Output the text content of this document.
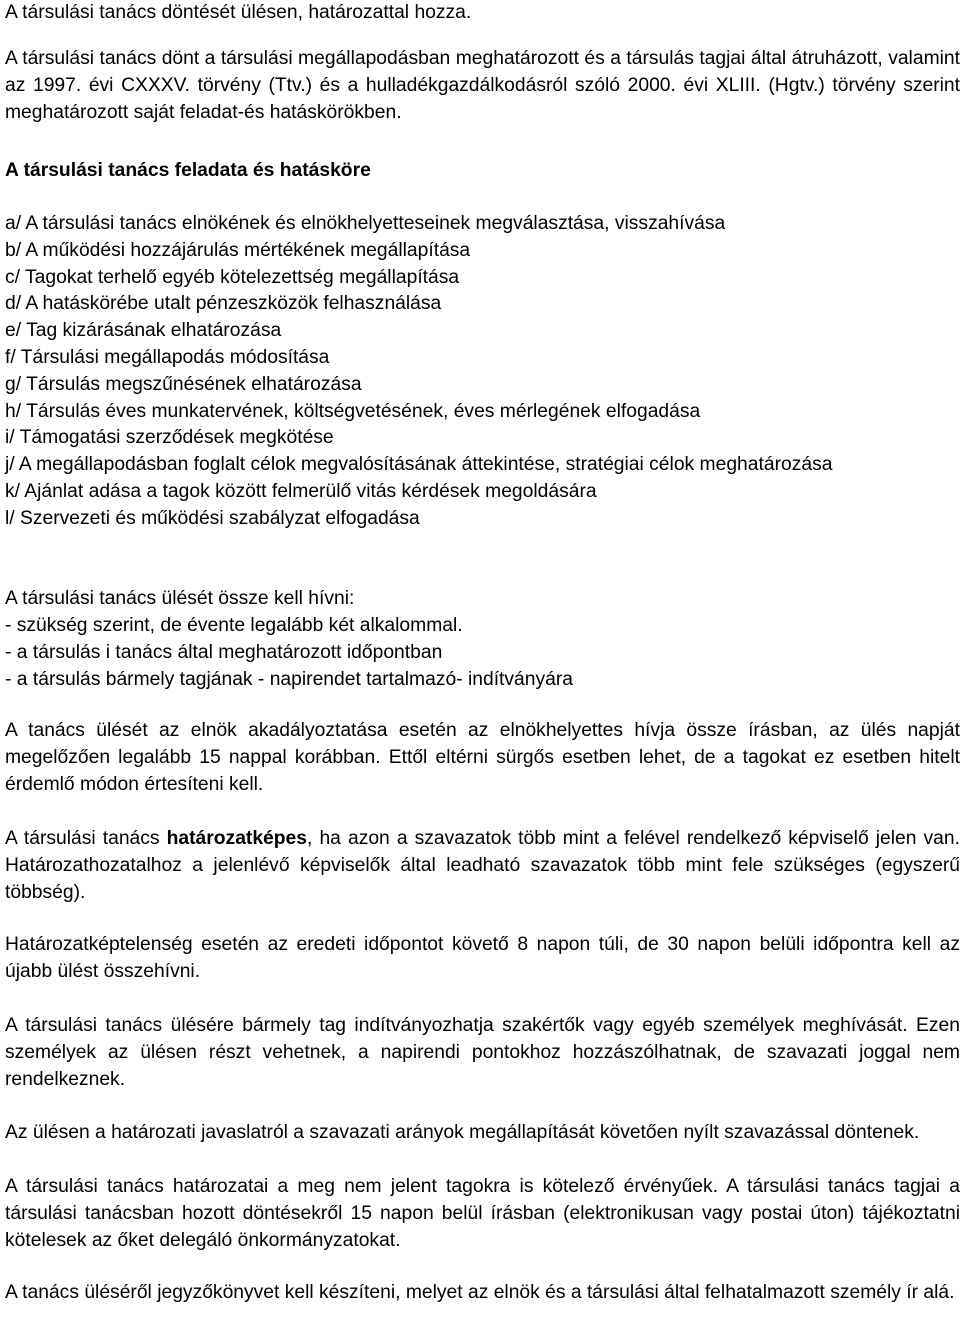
A társulási tanács döntését ülésen, határozattal hozza.

A társulási tanács dönt a társulási megállapodásban meghatározott és a társulás tagjai által átruházott, valamint az 1997. évi CXXXV. törvény (Ttv.) és a hulladékgazdálkodásról szóló 2000. évi XLIII. (Hgtv.) törvény szerint meghatározott saját feladat-és hatáskörökben.

A társulási tanács feladata és hatásköre

a/ A társulási tanács elnökének és elnökhelyetteseinek megválasztása, visszahívása

b/ A működési hozzájárulás mértékének megállapítása

c/ Tagokat terhelő egyéb kötelezettség megállapítása

d/ A hatáskörébe utalt pénzeszközök felhasználása

e/ Tag kizárásának elhatározása

f/ Társulási megállapodás módosítása

g/ Társulás megszűnésének elhatározása

h/ Társulás éves munkatervének, költségvetésének, éves mérlegének elfogadása

i/ Támogatási szerződések megkötése

j/ A megállapodásban foglalt célok megvalósításának áttekintése, stratégiai célok meghatározása

k/ Ajánlat adása a tagok között felmerülő vitás kérdések megoldására

l/ Szervezeti és működési szabályzat elfogadása

A társulási tanács ülését össze kell hívni:

- szükség szerint, de évente legalább két alkalommal.

- a társulás i tanács által meghatározott időpontban

- a társulás bármely tagjának - napirendet tartalmazó- indítványára

A tanács ülését az elnök akadályoztatása esetén az elnökhelyettes hívja össze írásban, az ülés napját megelőzően legalább 15 nappal korábban. Ettől eltérni sürgős esetben lehet, de a tagokat ez esetben hitelt érdemlő módon értesíteni kell.

A társulási tanács határozatképes, ha azon a szavazatok több mint a felével rendelkező képviselő jelen van. Határozathozatalhoz a jelenlévő képviselők által leadható szavazatok több mint fele szükséges (egyszerű többség).

Határozatképtelenség esetén az eredeti időpontot követő 8 napon túli, de 30 napon belüli időpontra kell az újabb ülést összehívni.

A társulási tanács ülésére bármely tag indítványozhatja szakértők vagy egyéb személyek meghívását. Ezen személyek az ülésen részt vehetnek, a napirendi pontokhoz hozzászólhatnak, de szavazati joggal nem rendelkeznek.

Az ülésen a határozati javaslatról a szavazati arányok megállapítását követően nyílt szavazással döntenek.

A társulási tanács határozatai a meg nem jelent tagokra is kötelező érvényűek. A társulási tanács tagjai a társulási tanácsban hozott döntésekről 15 napon belül írásban (elektronikusan vagy postai úton) tájékoztatni kötelesek az őket delegáló önkormányzatokat.

A tanács üléséről jegyzőkönyvet kell készíteni, melyet az elnök és a társulási által felhatalmazott személy ír alá.
